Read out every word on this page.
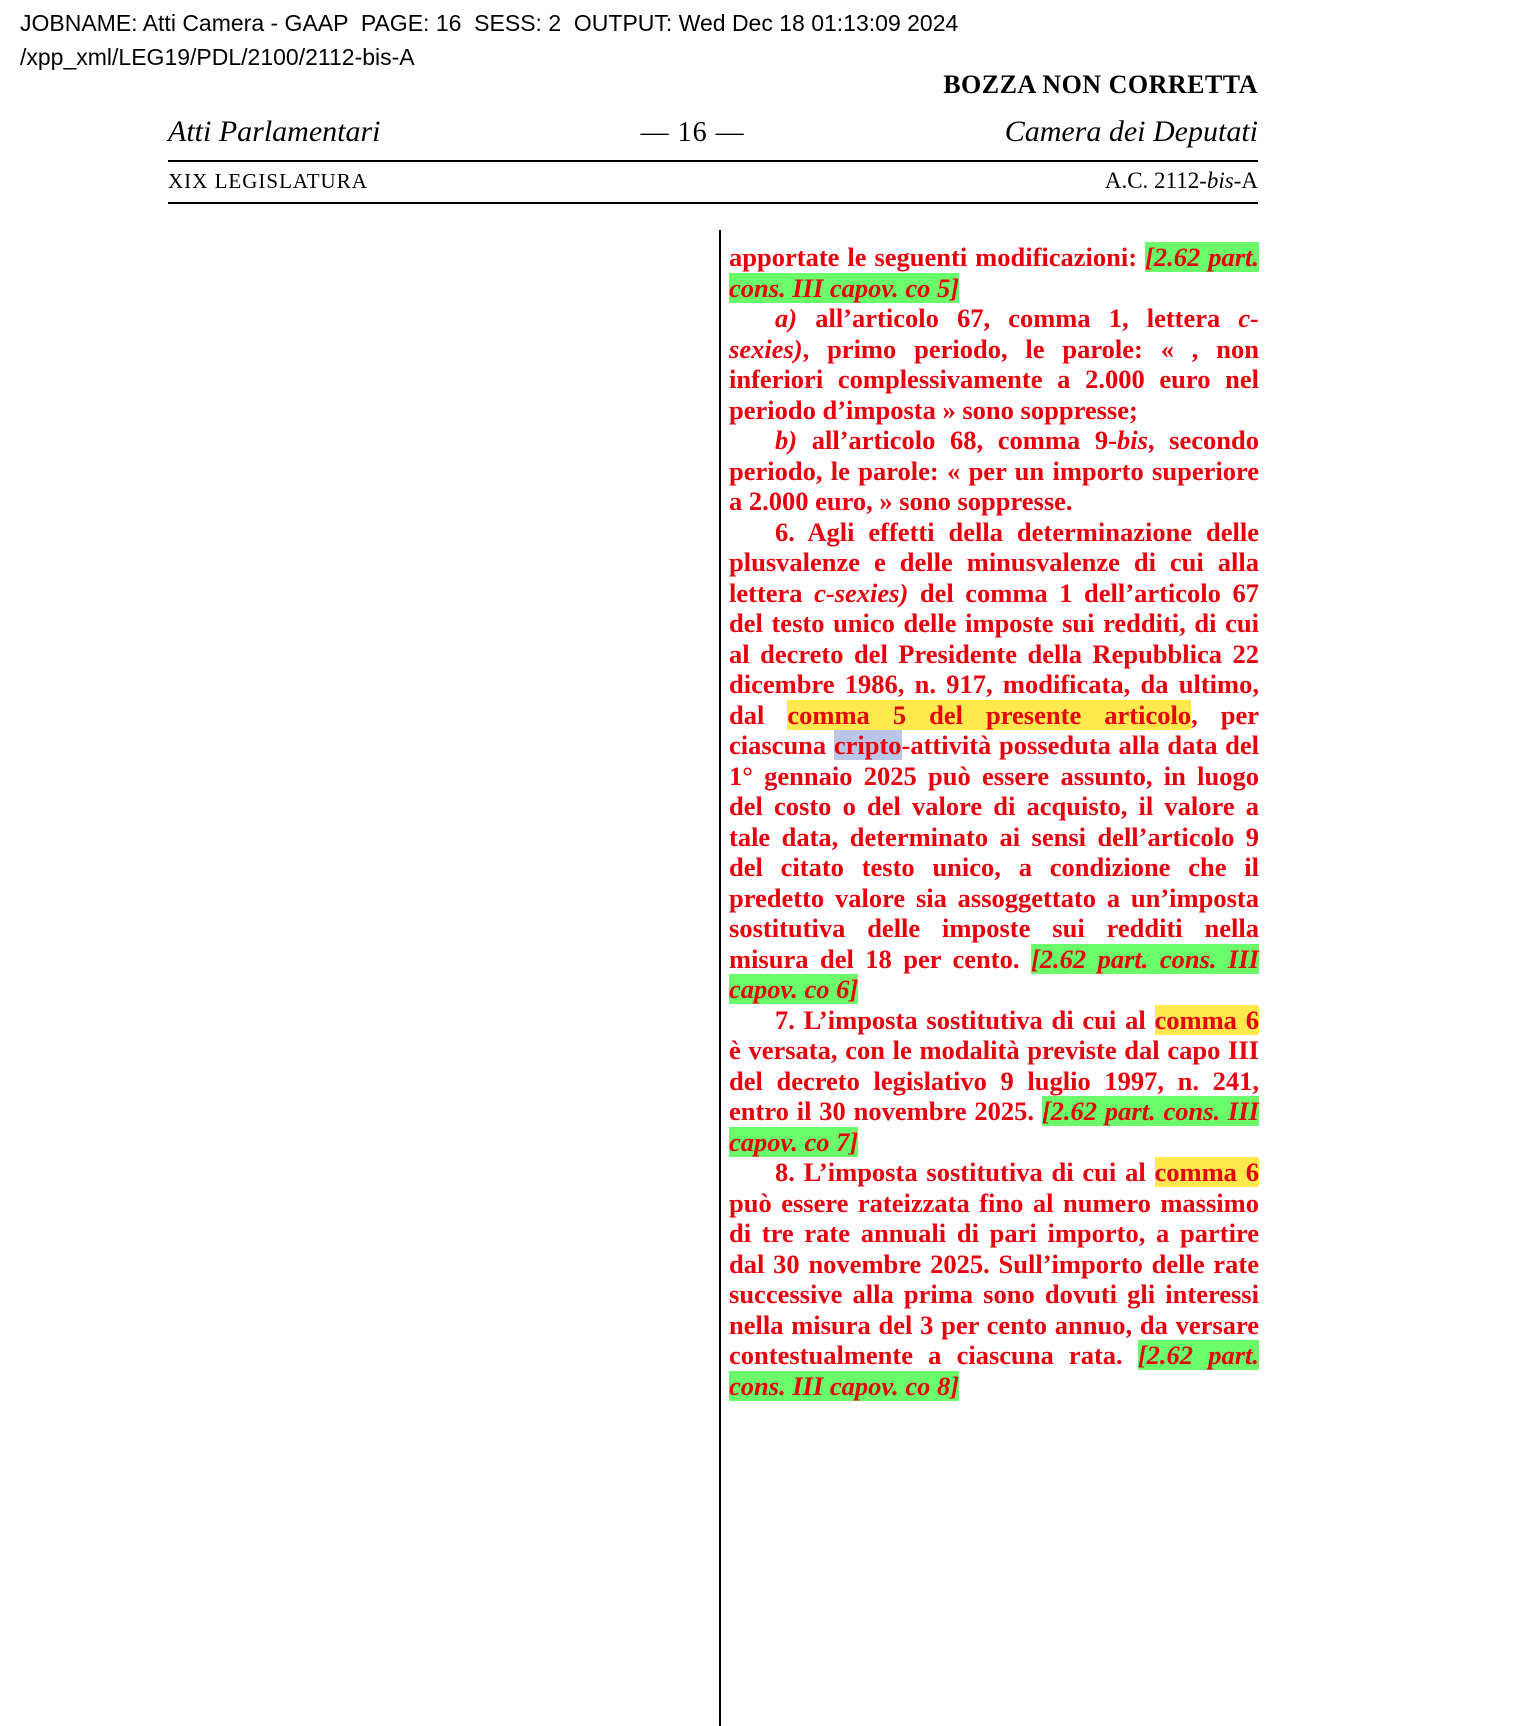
JOBNAME: Atti Camera - GAAP  PAGE: 16  SESS: 2  OUTPUT: Wed Dec 18 01:13:09 2024
/xpp_xml/LEG19/PDL/2100/2112-bis-A
BOZZA NON CORRETTA
Atti Parlamentari	— 16 —	Camera dei Deputati
XIX LEGISLATURA	A.C. 2112-bis-A

apportate le seguenti modificazioni: [2.62 part. cons. III capov. co 5]

a) all’articolo 67, comma 1, lettera c-sexies), primo periodo, le parole: « , non inferiori complessivamente a 2.000 euro nel periodo d’imposta » sono soppresse;

b) all’articolo 68, comma 9-bis, secondo periodo, le parole: « per un importo superiore a 2.000 euro, » sono soppresse.

6. Agli effetti della determinazione delle plusvalenze e delle minusvalenze di cui alla lettera c-sexies) del comma 1 dell’articolo 67 del testo unico delle imposte sui redditi, di cui al decreto del Presidente della Repubblica 22 dicembre 1986, n. 917, modificata, da ultimo, dal comma 5 del presente articolo, per ciascuna cripto-attività posseduta alla data del 1° gennaio 2025 può essere assunto, in luogo del costo o del valore di acquisto, il valore a tale data, determinato ai sensi dell’articolo 9 del citato testo unico, a condizione che il predetto valore sia assoggettato a un’imposta sostitutiva delle imposte sui redditi nella misura del 18 per cento. [2.62 part. cons. III capov. co 6]

7. L’imposta sostitutiva di cui al comma 6 è versata, con le modalità previste dal capo III del decreto legislativo 9 luglio 1997, n. 241, entro il 30 novembre 2025. [2.62 part. cons. III capov. co 7]

8. L’imposta sostitutiva di cui al comma 6 può essere rateizzata fino al numero massimo di tre rate annuali di pari importo, a partire dal 30 novembre 2025. Sull’importo delle rate successive alla prima sono dovuti gli interessi nella misura del 3 per cento annuo, da versare contestualmente a ciascuna rata. [2.62 part. cons. III capov. co 8]
